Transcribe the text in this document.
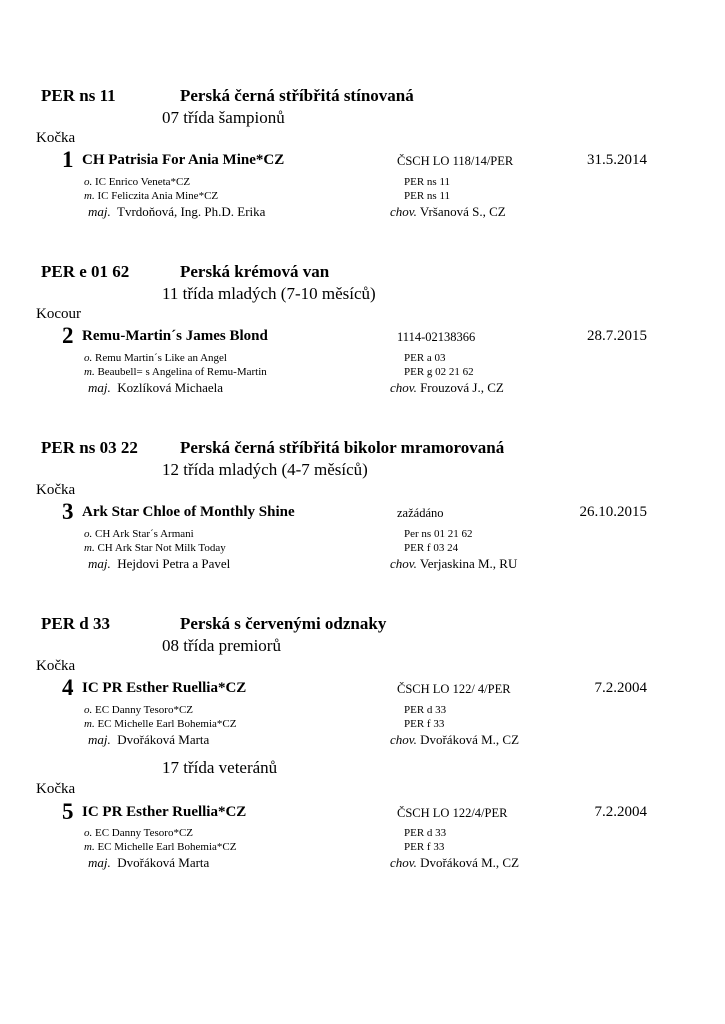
PER ns 11	Perská černá stříbřitá stínovaná
07 třída šampionů
Kočka
1 CH Patrisia For Ania Mine*CZ	ČSCH LO 118/14/PER	31.5.2014
o. IC Enrico Veneta*CZ	PER ns 11
m. IC Feliczita Ania Mine*CZ	PER ns 11
maj. Tvrdoňová, Ing. Ph.D. Erika	chov. Vršanová S., CZ
PER e 01 62	Perská krémová van
11 třída mladých (7-10 měsíců)
Kocour
2 Remu-Martin´s James Blond	1114-02138366	28.7.2015
o. Remu Martin´s Like an Angel	PER a 03
m. Beaubell= s Angelina of Remu-Martin	PER g 02 21 62
maj. Kozlíková Michaela	chov. Frouzová J., CZ
PER ns 03 22 Perská černá stříbřitá bikolor mramorovaná
12 třída mladých (4-7 měsíců)
Kočka
3 Ark Star Chloe of Monthly Shine	zažádáno	26.10.2015
o. CH Ark Star´s Armani	Per ns 01 21 62
m. CH Ark Star Not Milk Today	PER f 03 24
maj. Hejdovi Petra a Pavel	chov. Verjaskina M., RU
PER d 33	Perská s červenými odznaky
08 třída premiorů
Kočka
4 IC PR Esther Ruellia*CZ	ČSCH LO 122/ 4/PER	7.2.2004
o. EC Danny Tesoro*CZ	PER d 33
m. EC Michelle Earl Bohemia*CZ	PER f 33
maj. Dvořáková Marta	chov. Dvořáková M., CZ
17 třída veteránů
Kočka
5 IC PR Esther Ruellia*CZ	ČSCH LO 122/4/PER	7.2.2004
o. EC Danny Tesoro*CZ	PER d 33
m. EC Michelle Earl Bohemia*CZ	PER f 33
maj. Dvořáková Marta	chov. Dvořáková M., CZ
